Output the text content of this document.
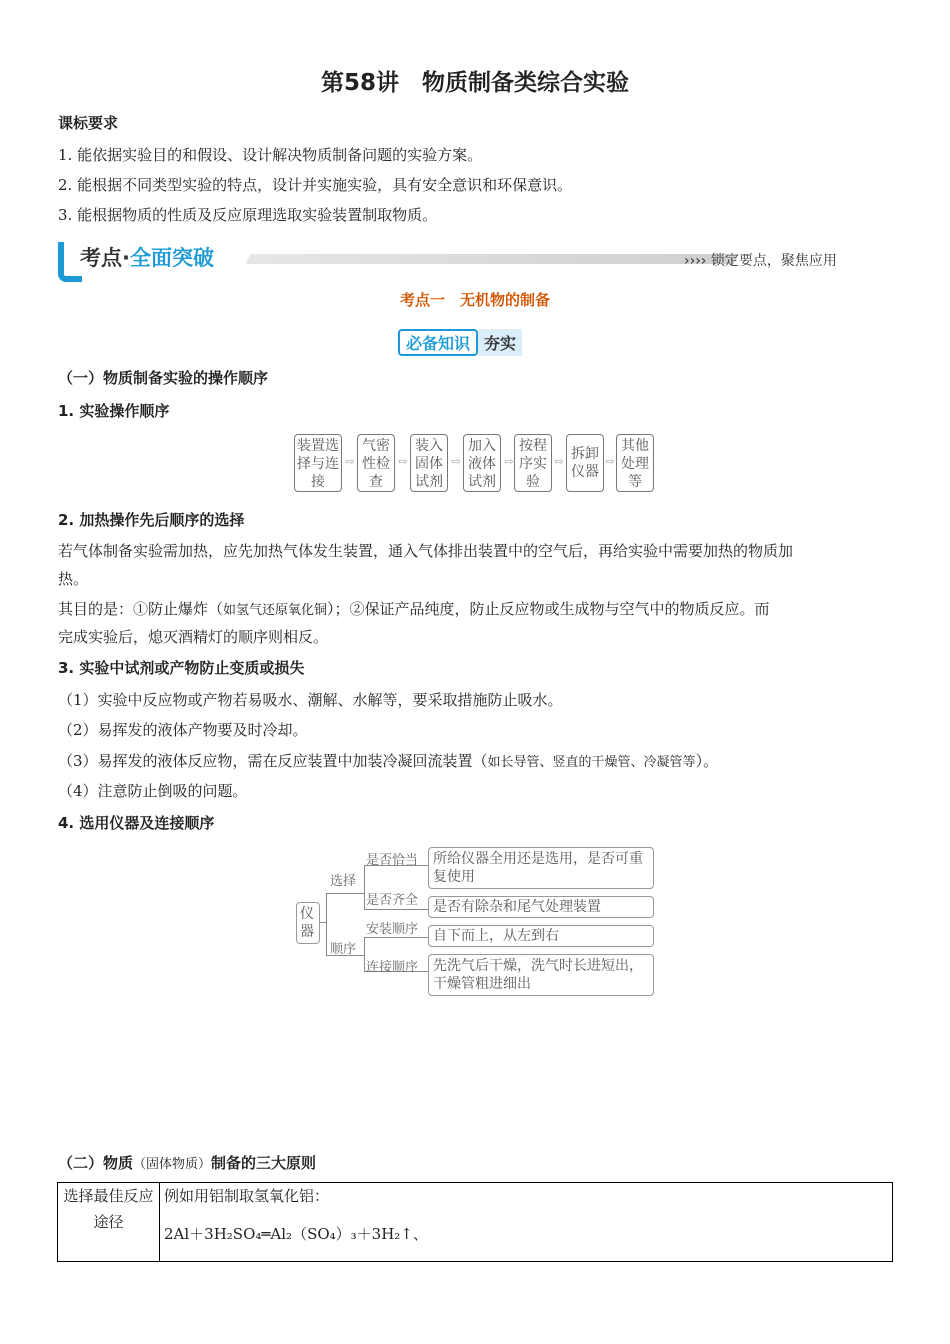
第58讲　物质制备类综合实验
课标要求
1. 能依据实验目的和假设、设计解决物质制备问题的实验方案。
2. 能根据不同类型实验的特点，设计并实施实验，具有安全意识和环保意识。
3. 能根据物质的性质及反应原理选取实验装置制取物质。
考点·全面突破	›››› 锁定要点，聚焦应用
考点一　无机物的制备
必备知识 夯实
（一）物质制备实验的操作顺序
1. 实验操作顺序
装置选择与连接
⇨
气密性检查
⇨
装入固体试剂
⇨
加入液体试剂
⇨
按程序实验
⇨ 拆卸仪器
⇨
其他处理等
2. 加热操作先后顺序的选择
若气体制备实验需加热，应先加热气体发生装置，通入气体排出装置中的空气后，再给实验中需要加热的物质加
热。
其目的是：①防止爆炸（如氢气还原氧化铜）；②保证产品纯度，防止反应物或生成物与空气中的物质反应。而
完成实验后，熄灭酒精灯的顺序则相反。
3. 实验中试剂或产物防止变质或损失
（1）实验中反应物或产物若易吸水、潮解、水解等，要采取措施防止吸水。
（2）易挥发的液体产物要及时冷却。
（3）易挥发的液体反应物，需在反应装置中加装冷凝回流装置（如长导管、竖直的干燥管、冷凝管等）。
（4）注意防止倒吸的问题。
4. 选用仪器及连接顺序
仪器
选择
顺序
是否恰当
是否齐全
安装顺序
连接顺序
所给仪器全用还是选用，是否可重复使用
是否有除杂和尾气处理装置
自下而上，从左到右
先洗气后干燥，洗气时长进短出，干燥管粗进细出
（二）物质（固体物质）制备的三大原则
选择最佳反应途径
例如用铝制取氢氧化铝：
2Al＋3H₂SO₄═Al₂（SO₄）₃＋3H₂↑、
